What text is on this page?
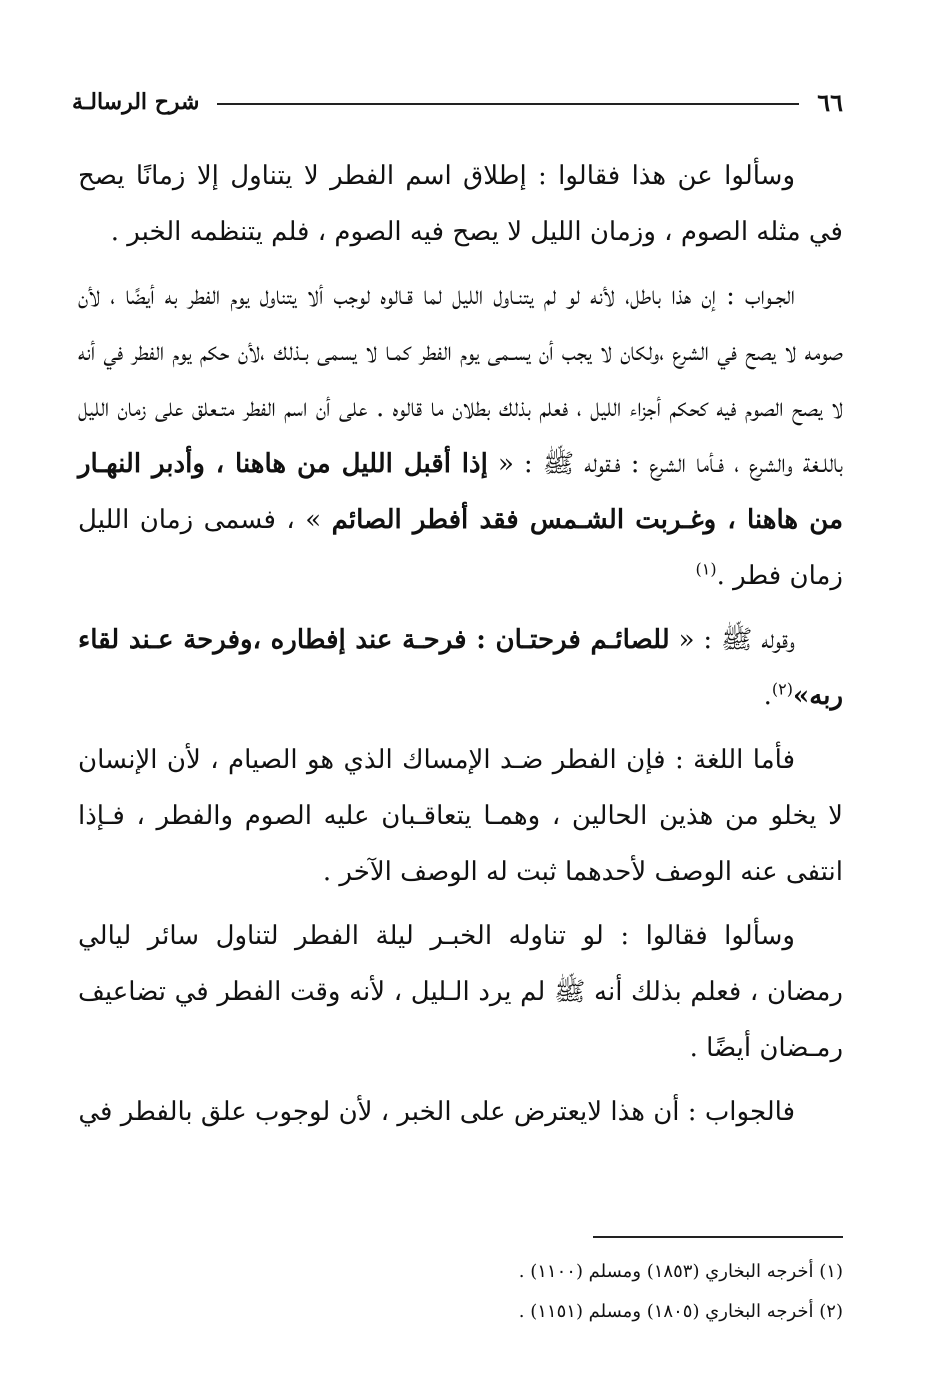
٦٦
شرح الرسالـة

وسألوا عن هذا فقالوا : إطلاق اسم الفطر لا يتناول إلا زمانًا يصح في مثله الصوم ، وزمان الليل لا يصح فيه الصوم ، فلم يتنظمه الخبر .

الجـواب : إن هذا باطل، لأنه لو لم يتنـاول الليل لما قـالوه لوجب ألا يتناول يوم الفطر به أيضًا ، لأن صومه لا يصح في الشرع ،ولكان لا يجب أن يسـمى يوم الفطر كمـا لا يسمى بـذلك ،لأن حكم يوم الفطر في أنه لا يصح الصوم فيه كحكم أجزاء الليل ، فعلم بذلك بطلان ما قالوه . على أن اسم الفطر متـعلق على زمان الليل باللـغة والشرع ، فـأما الشرع : فـقوله ﷺ : « إذا أقبل الليل من هاهنا ، وأدبر النهـار من هاهنا ، وغـربت الشـمس فقد أفطر الصائم » ، فسمى زمان الليل زمان فطر .$^{(١)}$

وقوله ﷺ : « للصائـم فرحتـان : فرحـة عند إفطاره ،وفرحة عـند لقاء ربه»$^{(٢)}$.

فأما اللغة : فإن الفطر ضـد الإمساك الذي هو الصيام ، لأن الإنسان لا يخلو من هذين الحالين ، وهمـا يتعاقـبان عليه الصوم والفطر ، فـإذا انتفى عنه الوصف لأحدهما ثبت له الوصف الآخر .

وسألوا فقالوا : لو تناوله الخبـر ليلة الفطر لتناول سائر ليالي رمضان ، فعلم بذلك أنه ﷺ لم يرد الـليل ، لأنه وقت الفطر في تضاعيف رمـضان أيضًا .

فالجواب : أن هذا لايعترض على الخبر ، لأن لوجوب علق بالفطر في

(١) أخرجه البخاري (١٨٥٣) ومسلم (١١٠٠) .

(٢) أخرجه البخاري (١٨٠٥) ومسلم (١١٥١) .
